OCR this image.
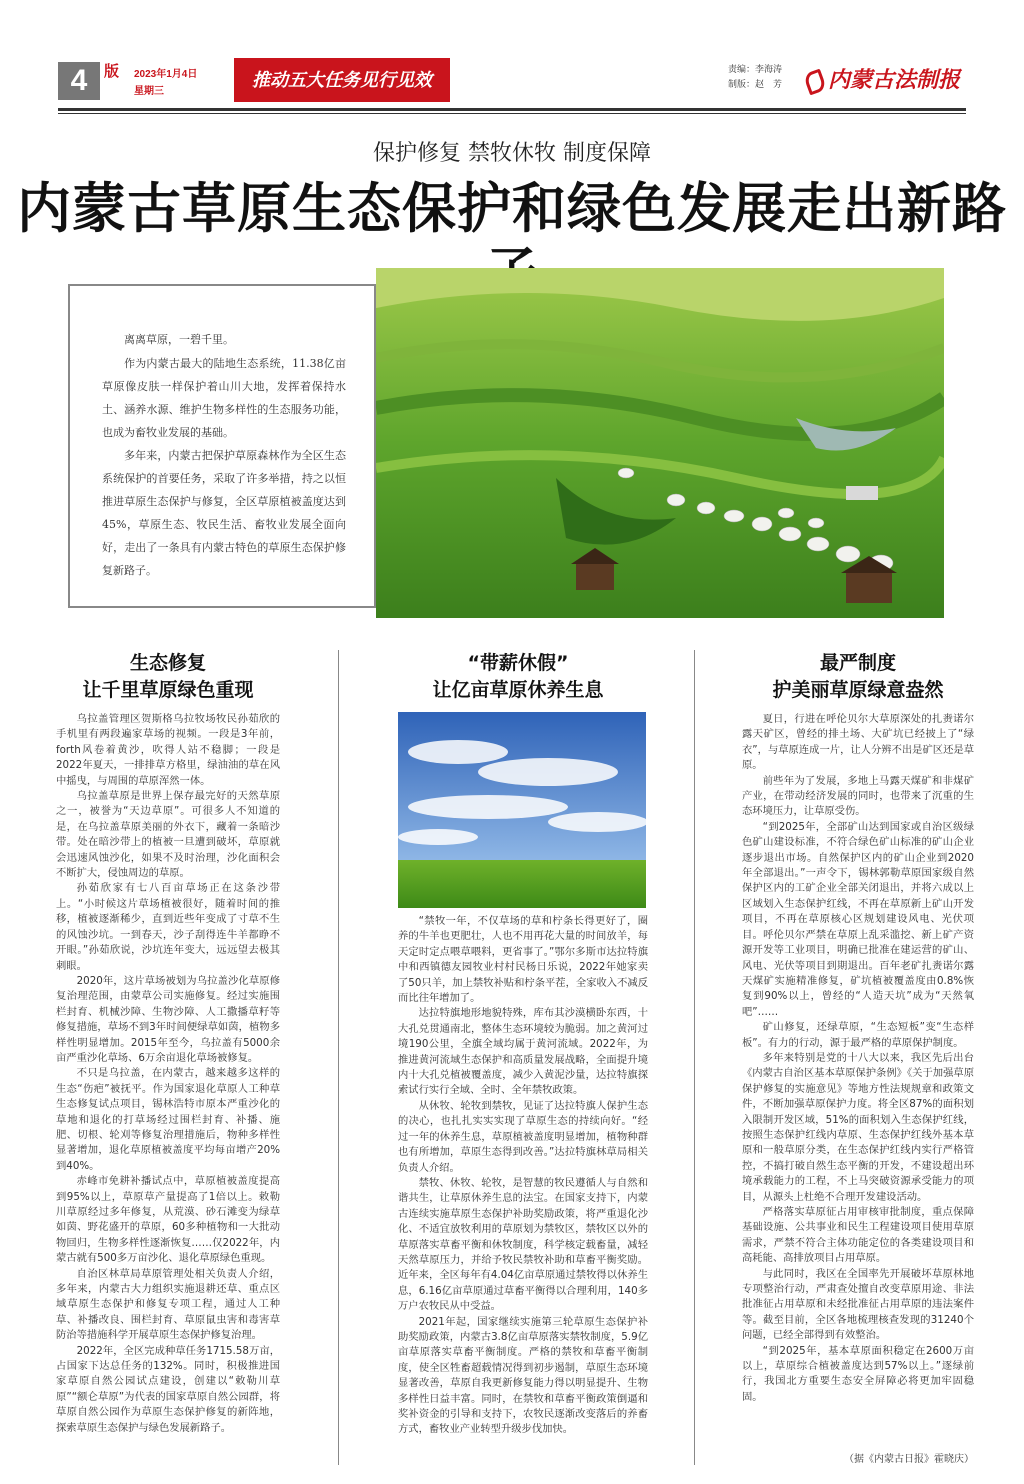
4	版	2023年1月4日
星期三
推动五大任务见行见效
责编：李海涛
制版：赵　芳	内蒙古法制报
保护修复 禁牧休牧 制度保障
内蒙古草原生态保护和绿色发展走出新路

离离草原，一碧千里。

作为内蒙古最大的陆地生态系统，11.38亿亩草原像皮肤一样保护着山川大地，发挥着保持水土、涵养水源、维护生物多样性的生态服务功能，也成为畜牧业发展的基础。

多年来，内蒙古把保护草原森林作为全区生态系统保护的首要任务，采取了许多举措，持之以恒推进草原生态保护与修复，全区草原植被盖度达到45%，草原生态、牧民生活、畜牧业发展全面向好，走出了一条具有内蒙古特色的草原生态保护修复新路子。

生态修复
让千里草原绿色重现

乌拉盖管理区贺斯格乌拉牧场牧民孙茹欣的手机里有两段遍家草场的视频。一段是3年前，forth风卷着黄沙，吹得人站不稳脚；一段是2022年夏天，一排排草方格里，绿油油的草在风中摇曳，与周围的草原浑然一体。

乌拉盖草原是世界上保存最完好的天然草原之一，被誉为“天边草原”。可很多人不知道的是，在乌拉盖草原美丽的外衣下，藏着一条暗沙带。处在暗沙带上的植被一旦遭到破坏，草原就会迅速风蚀沙化，如果不及时治理，沙化面积会不断扩大，侵蚀周边的草原。

孙茹欣家有七八百亩草场正在这条沙带上。“小时候这片草场植被很好，随着时间的推移，植被逐渐稀少，直到近些年变成了寸草不生的风蚀沙坑。一到春天，沙子刮得连牛羊都睁不开眼。”孙茹欣说，沙坑连年变大，远远望去极其刺眼。

2020年，这片草场被划为乌拉盖沙化草原修复治理范围，由蒙草公司实施修复。经过实施围栏封育、机械沙障、生物沙障、人工撒播草籽等修复措施，草场不到3年时间便绿草如茵，植物多样性明显增加。2015年至今，乌拉盖有5000余亩严重沙化草场、6万余亩退化草场被修复。

不只是乌拉盖，在内蒙古，越来越多这样的生态“伤疤”被抚平。作为国家退化草原人工种草生态修复试点项目，锡林浩特市原本严重沙化的草地和退化的打草场经过围栏封育、补播、施肥、切根、轮刈等修复治理措施后，物种多样性显著增加，退化草原植被盖度平均每亩增产20%到40%。

赤峰市免耕补播试点中，草原植被盖度提高到95%以上，草原草产量提高了1倍以上。敕勒川草原经过多年修复，从荒漠、砂石滩变为绿草如茵、野花盛开的草原，60多种植物和一大批动物回归，生物多样性逐渐恢复……仅2022年，内蒙古就有500多万亩沙化、退化草原绿色重现。

自治区林草局草原管理处相关负责人介绍，多年来，内蒙古大力组织实施退耕还草、重点区域草原生态保护和修复专项工程，通过人工种草、补播改良、围栏封育、草原鼠虫害和毒害草防治等措施科学开展草原生态保护修复治理。

2022年，全区完成种草任务1715.58万亩，占国家下达总任务的132%。同时，积极推进国家草原自然公园试点建设，创建以“敕勒川草原”“额仑草原”为代表的国家草原自然公园群，将草原自然公园作为草原生态保护修复的新阵地，探索草原生态保护与绿色发展新路子。

“带薪休假”
让亿亩草原休养生息

“禁牧一年，不仅草场的草和柠条长得更好了，圈养的牛羊也更肥壮，人也不用再花大量的时间放羊，每天定时定点喂草喂料，更省事了。”鄂尔多斯市达拉特旗中和西镇德友园牧业村村民杨日乐说，2022年她家卖了50只羊，加上禁牧补贴和柠条平茬，全家收入不减反而比往年增加了。

达拉特旗地形地貌特殊，库布其沙漠横卧东西，十大孔兑贯通南北，整体生态环境较为脆弱。加之黄河过境190公里，全旗全域均属于黄河流域。2022年，为推进黄河流域生态保护和高质量发展战略，全面提升境内十大孔兑植被覆盖度，减少入黄泥沙量，达拉特旗探索试行实行全域、全时、全年禁牧政策。

从休牧、轮牧到禁牧，见证了达拉特旗人保护生态的决心，也扎扎实实实现了草原生态的持续向好。“经过一年的休养生息，草原植被盖度明显增加，植物种群也有所增加，草原生态得到改善。”达拉特旗林草局相关负责人介绍。

禁牧、休牧、轮牧，是智慧的牧民遵循人与自然和谐共生，让草原休养生息的法宝。在国家支持下，内蒙古连续实施草原生态保护补助奖励政策，将严重退化沙化、不适宜放牧利用的草原划为禁牧区，禁牧区以外的草原落实草畜平衡和休牧制度，科学核定载畜量，减轻天然草原压力，并给予牧民禁牧补助和草畜平衡奖励。近年来，全区每年有4.04亿亩草原通过禁牧得以休养生息，6.16亿亩草原通过草畜平衡得以合理利用，140多万户农牧民从中受益。

2021年起，国家继续实施第三轮草原生态保护补助奖励政策，内蒙古3.8亿亩草原落实禁牧制度，5.9亿亩草原落实草畜平衡制度。严格的禁牧和草畜平衡制度，使全区牲畜超载情况得到初步遏制，草原生态环境显著改善，草原自我更新修复能力得以明显提升、生物多样性日益丰富。同时，在禁牧和草畜平衡政策倒逼和奖补资金的引导和支持下，农牧民逐渐改变落后的养畜方式，畜牧业产业转型升级步伐加快。

最严制度
护美丽草原绿意盎然

夏日，行进在呼伦贝尔大草原深处的扎赉诺尔露天矿区，曾经的排土场、大矿坑已经披上了“绿衣”，与草原连成一片，让人分辨不出是矿区还是草原。

前些年为了发展，多地上马露天煤矿和非煤矿产业，在带动经济发展的同时，也带来了沉重的生态环境压力，让草原受伤。

“到2025年，全部矿山达到国家或自治区级绿色矿山建设标准，不符合绿色矿山标准的矿山企业逐步退出市场。自然保护区内的矿山企业到2020年全部退出。”一声令下，锡林郭勒草原国家级自然保护区内的工矿企业全部关闭退出，并将六成以上区域划入生态保护红线，不再在草原新上矿山开发项目，不再在草原核心区规划建设风电、光伏项目。呼伦贝尔严禁在草原上乱采滥挖、新上矿产资源开发等工业项目，明确已批准在建运营的矿山、风电、光伏等项目到期退出。百年老矿扎赉诺尔露天煤矿实施精准修复，矿坑植被覆盖度由0.8%恢复到90%以上，曾经的“人造天坑”成为“天然氧吧”……

矿山修复，还绿草原，“生态短板”变“生态样板”。有力的行动，源于最严格的草原保护制度。

多年来特别是党的十八大以来，我区先后出台《内蒙古自治区基本草原保护条例》《关于加强草原保护修复的实施意见》等地方性法规规章和政策文件，不断加强草原保护力度。将全区87%的面积划入限制开发区域，51%的面积划入生态保护红线，按照生态保护红线内草原、生态保护红线外基本草原和一般草原分类，在生态保护红线内实行严格管控，不搞打破自然生态平衡的开发，不建设超出环境承载能力的工程，不上马突破资源承受能力的项目，从源头上杜绝不合理开发建设活动。

严格落实草原征占用审核审批制度，重点保障基础设施、公共事业和民生工程建设项目使用草原需求，严禁不符合主体功能定位的各类建设项目和高耗能、高排放项目占用草原。

与此同时，我区在全国率先开展破坏草原林地专项整治行动，严肃查处擅自改变草原用途、非法批准征占用草原和未经批准征占用草原的违法案件等。截至目前，全区各地梳理核查发现的31240个问题，已经全部得到有效整治。

“到2025年，基本草原面积稳定在2600万亩以上，草原综合植被盖度达到57%以上。”逐绿前行，我国北方重要生态安全屏障必将更加牢固稳固。

（据《内蒙古日报》霍晓庆）
